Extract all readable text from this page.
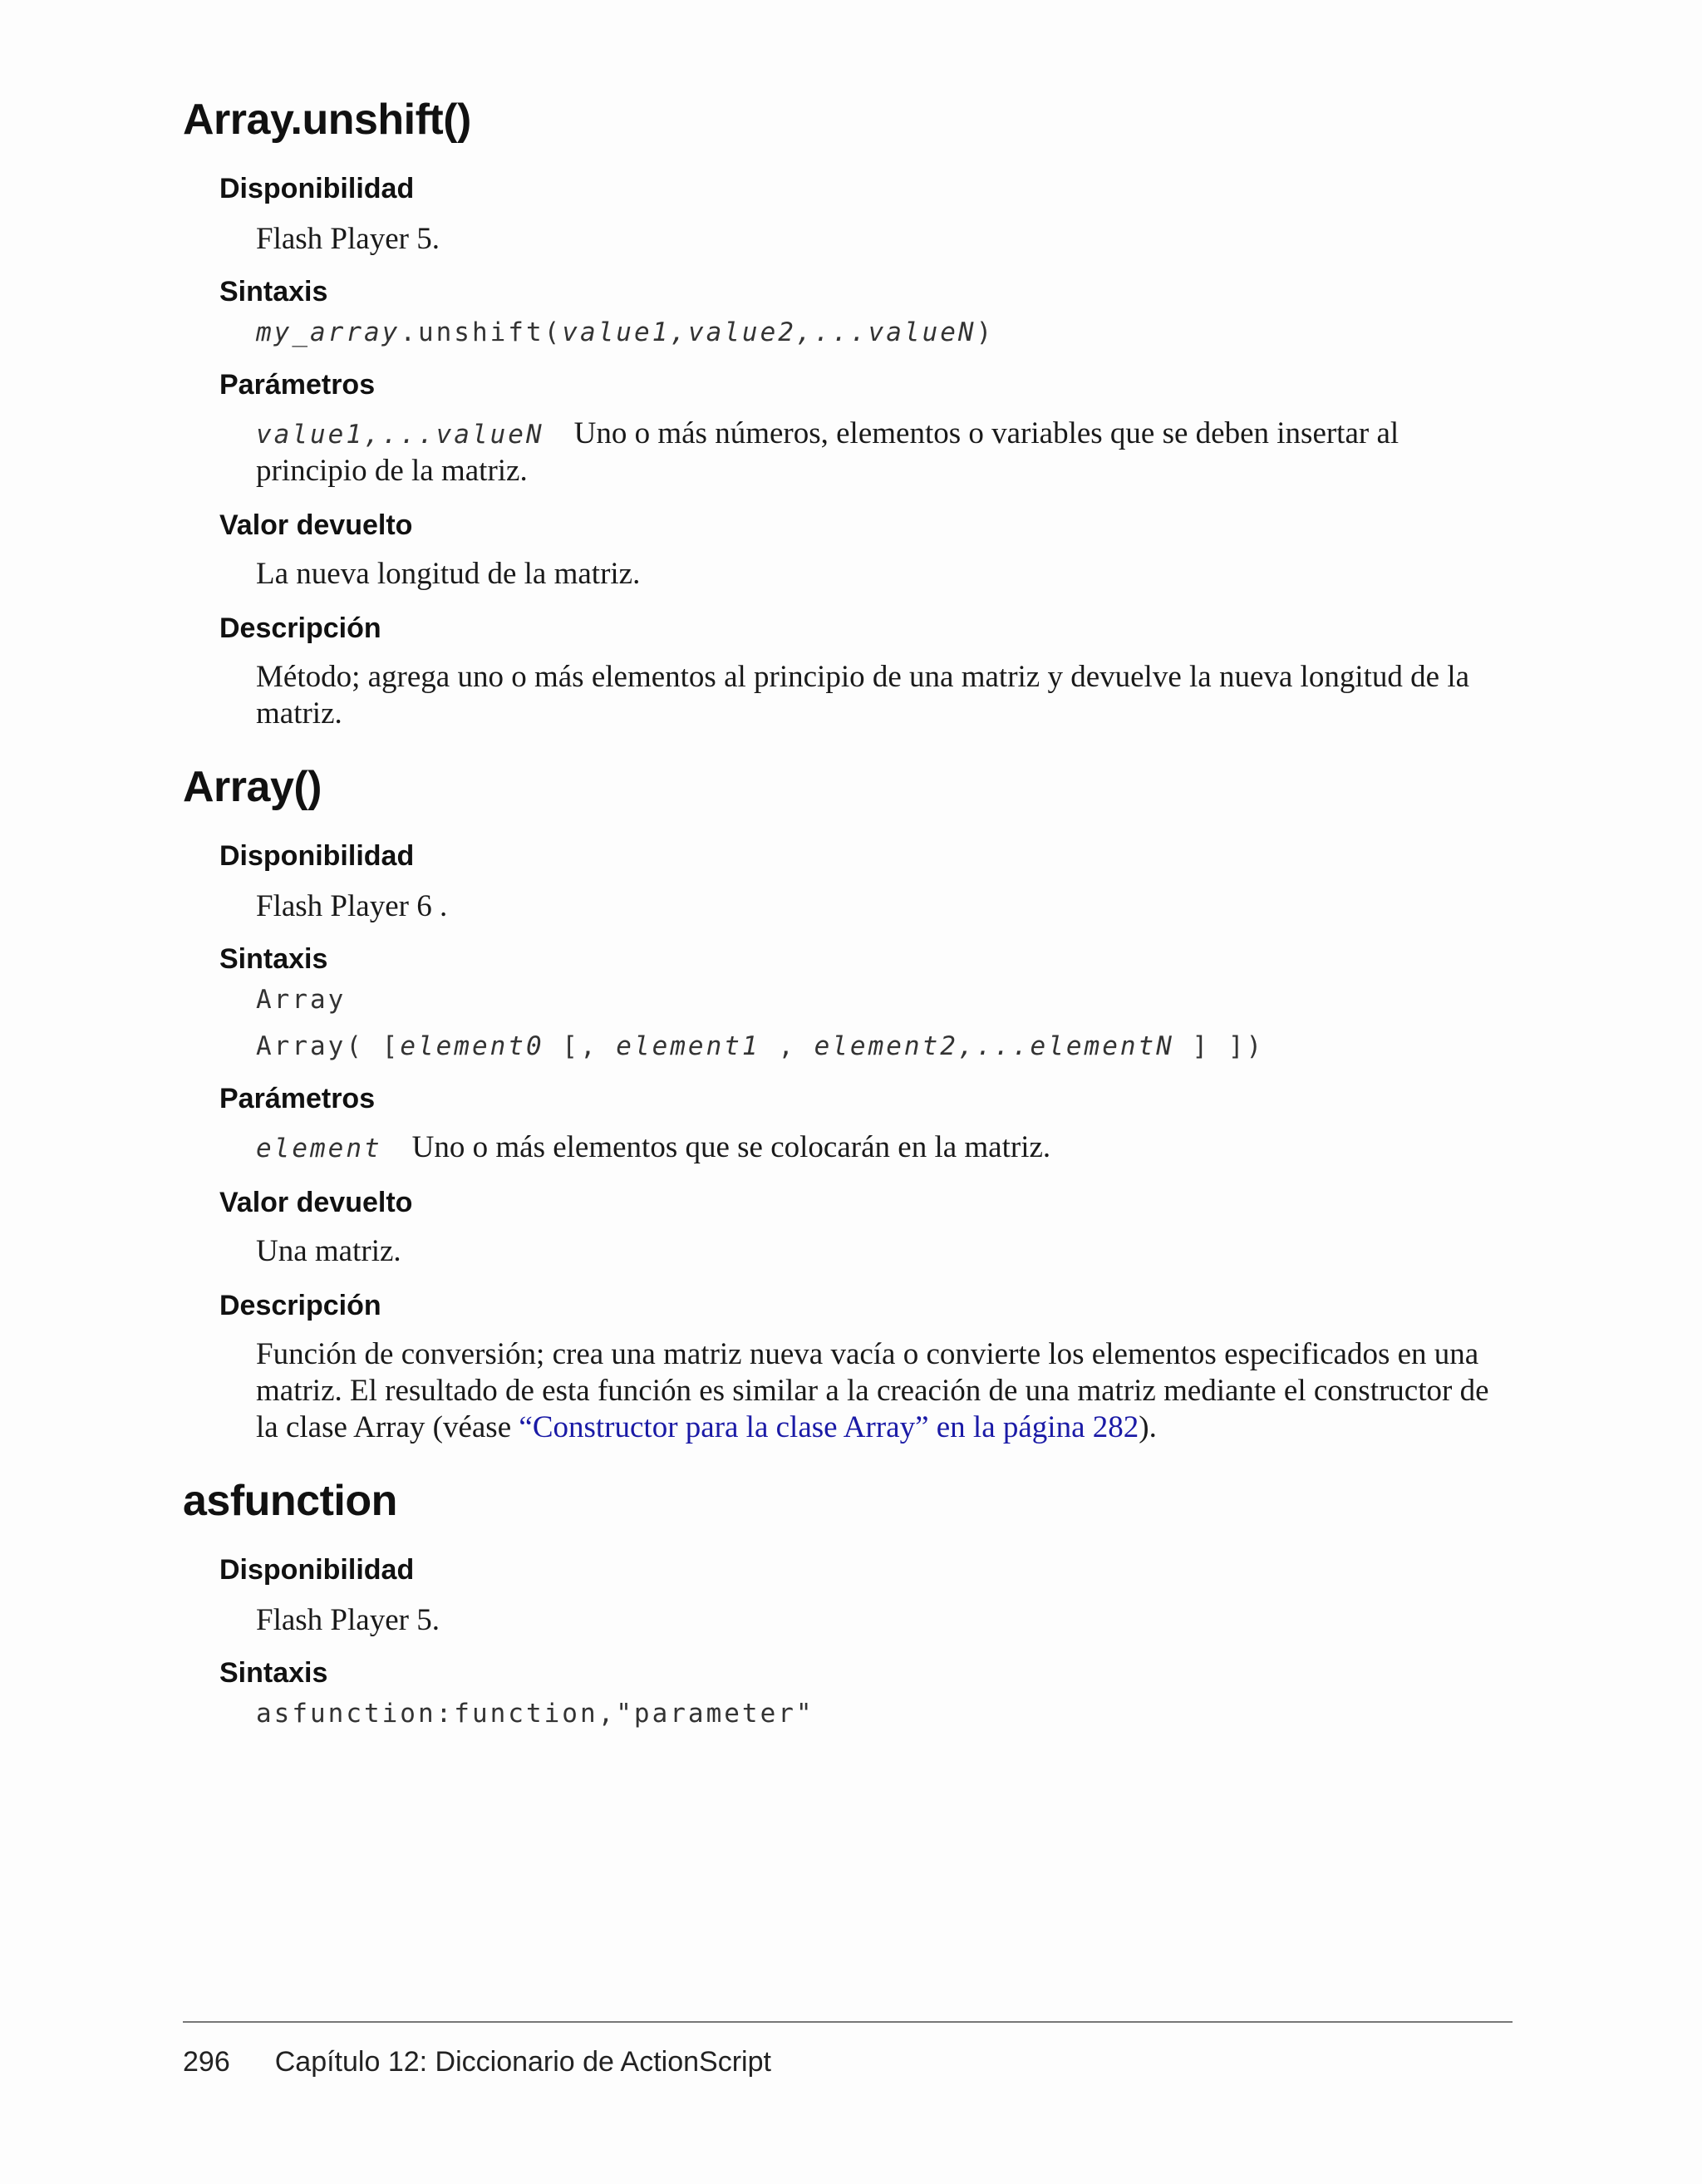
Array.unshift()
Disponibilidad

Flash Player 5.

Sintaxis

my_array.unshift(value1,value2,...valueN)

Parámetros

value1,...valueN Uno o más números, elementos o variables que se deben insertar al principio de la matriz.

Valor devuelto

La nueva longitud de la matriz.

Descripción

Método; agrega uno o más elementos al principio de una matriz y devuelve la nueva longitud de la matriz.

Array()
Disponibilidad

Flash Player 6 .

Sintaxis

Array

Array( [element0 [, element1 , element2,...elementN ] ])

Parámetros

element Uno o más elementos que se colocarán en la matriz.

Valor devuelto

Una matriz.

Descripción

Función de conversión; crea una matriz nueva vacía o convierte los elementos especificados en una matriz. El resultado de esta función es similar a la creación de una matriz mediante el constructor de la clase Array (véase “Constructor para la clase Array” en la página 282).

asfunction
Disponibilidad

Flash Player 5.

Sintaxis

asfunction:function,"parameter"

296 Capítulo 12: Diccionario de ActionScript
